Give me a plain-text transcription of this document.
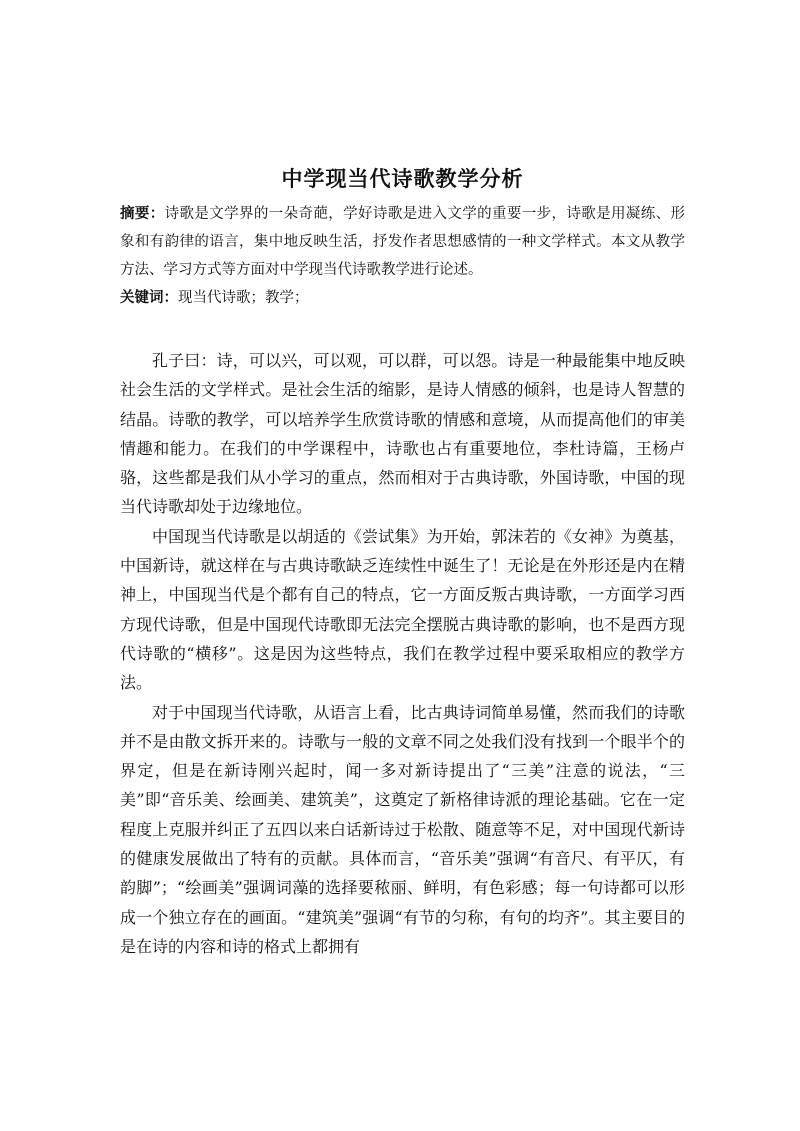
中学现当代诗歌教学分析

摘要：诗歌是文学界的一朵奇葩，学好诗歌是进入文学的重要一步，诗歌是用凝练、形象和有韵律的语言，集中地反映生活，抒发作者思想感情的一种文学样式。本文从教学方法、学习方式等方面对中学现当代诗歌教学进行论述。

关键词：现当代诗歌；教学；

孔子曰：诗，可以兴，可以观，可以群，可以怨。诗是一种最能集中地反映社会生活的文学样式。是社会生活的缩影，是诗人情感的倾斜，也是诗人智慧的结晶。诗歌的教学，可以培养学生欣赏诗歌的情感和意境，从而提高他们的审美情趣和能力。在我们的中学课程中，诗歌也占有重要地位，李杜诗篇，王杨卢骆，这些都是我们从小学习的重点，然而相对于古典诗歌，外国诗歌，中国的现当代诗歌却处于边缘地位。

中国现当代诗歌是以胡适的《尝试集》为开始，郭沫若的《女神》为奠基，中国新诗，就这样在与古典诗歌缺乏连续性中诞生了！无论是在外形还是内在精神上，中国现当代是个都有自己的特点，它一方面反叛古典诗歌，一方面学习西方现代诗歌，但是中国现代诗歌即无法完全摆脱古典诗歌的影响，也不是西方现代诗歌的“横移”。这是因为这些特点，我们在教学过程中要采取相应的教学方法。

对于中国现当代诗歌，从语言上看，比古典诗词简单易懂，然而我们的诗歌并不是由散文拆开来的。诗歌与一般的文章不同之处我们没有找到一个眼半个的界定，但是在新诗刚兴起时，闻一多对新诗提出了“三美”注意的说法，“三美”即“音乐美、绘画美、建筑美”，这奠定了新格律诗派的理论基础。它在一定程度上克服并纠正了五四以来白话新诗过于松散、随意等不足，对中国现代新诗的健康发展做出了特有的贡献。具体而言，“音乐美”强调“有音尺、有平仄，有韵脚”；“绘画美”强调词藻的选择要秾丽、鲜明，有色彩感；每一句诗都可以形成一个独立存在的画面。“建筑美”强调“有节的匀称，有句的均齐”。其主要目的是在诗的内容和诗的格式上都拥有
